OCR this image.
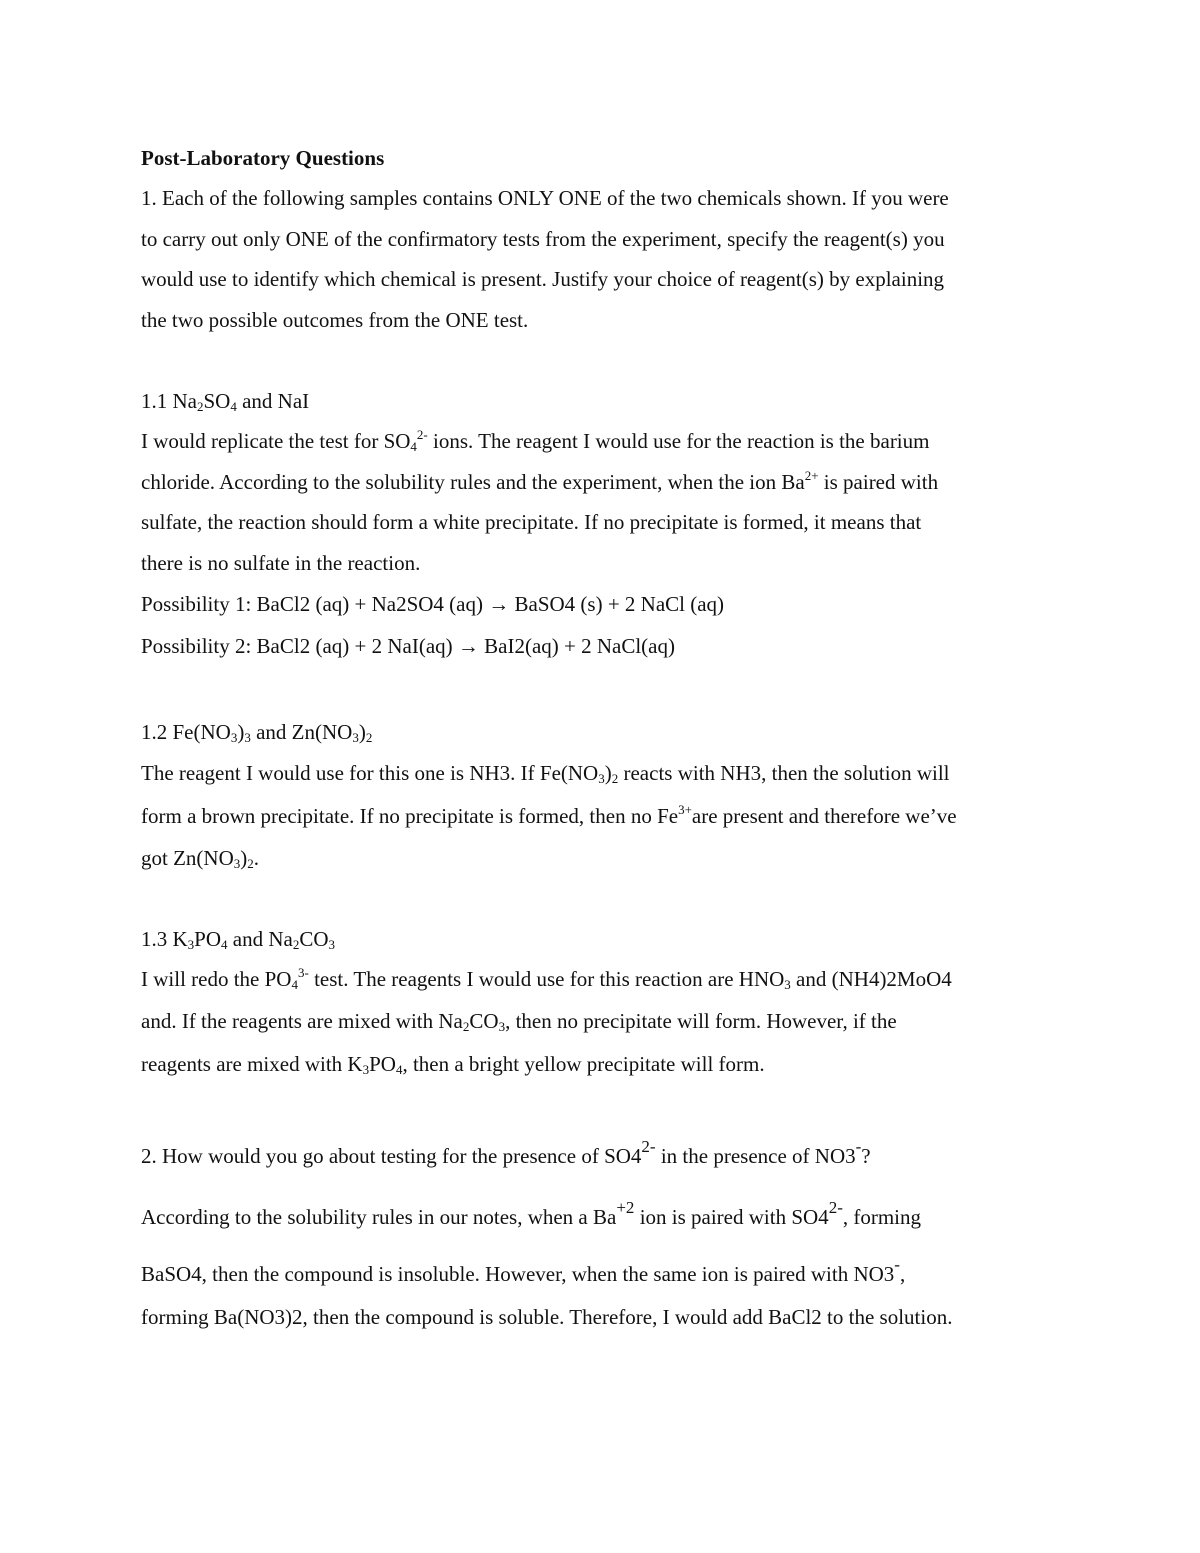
Post-Laboratory Questions
1. Each of the following samples contains ONLY ONE of the two chemicals shown. If you were
to carry out only ONE of the confirmatory tests from the experiment, specify the reagent(s) you
would use to identify which chemical is present. Justify your choice of reagent(s) by explaining
the two possible outcomes from the ONE test.
1.1 $Na_2SO_4$ and NaI
I would replicate the test for $SO_4^{2-}$ ions. The reagent I would use for the reaction is the barium
chloride. According to the solubility rules and the experiment, when the ion $Ba^{2+}$ is paired with
sulfate, the reaction should form a white precipitate. If no precipitate is formed, it means that
there is no sulfate in the reaction.
Possibility 1: BaCl2 (aq) + Na2SO4 (aq) → BaSO4 (s) + 2 NaCl (aq)
Possibility 2: BaCl2 (aq) + 2 NaI(aq) → BaI2(aq) + 2 NaCl(aq)
1.2 $Fe(NO_3)_3$ and $Zn(NO_3)_2$
The reagent I would use for this one is NH3. If $Fe(NO_3)_2$ reacts with NH3, then the solution will
form a brown precipitate. If no precipitate is formed, then no $Fe^{3+}are$ present and therefore we’ve
got $Zn(NO_3)_2$.
1.3 $K_3PO_4$ and $Na_2CO_3$
I will redo the $PO_4^{3-}$ test. The reagents I would use for this reaction are $HNO_3$ and (NH4)2MoO4
and. If the reagents are mixed with $Na_2CO_3$, then no precipitate will form. However, if the
reagents are mixed with $K_3PO_4$, then a bright yellow precipitate will form.
2. How would you go about testing for the presence of $SO4^{2-}$ in the presence of NO3-?
According to the solubility rules in our notes, when a $Ba^{+2}$ ion is paired with $SO4^{2-}$, forming
BaSO4, then the compound is insoluble. However, when the same ion is paired with NO3-,
forming Ba(NO3)2, then the compound is soluble. Therefore, I would add BaCl2 to the solution.
